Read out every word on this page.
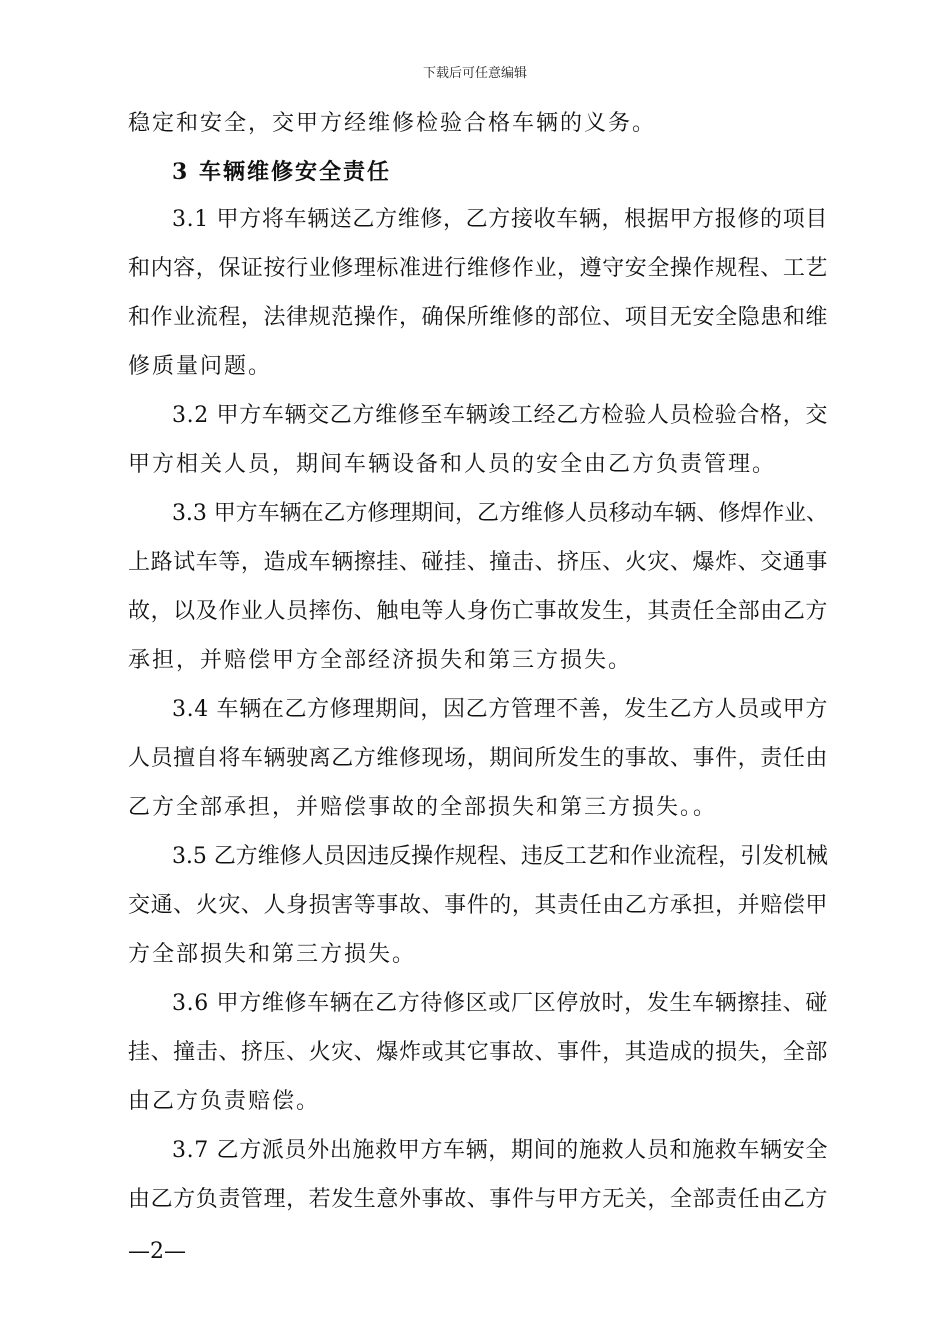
下载后可任意编辑
稳定和安全，交甲方经维修检验合格车辆的义务。
3 车辆维修安全责任
3.1 甲方将车辆送乙方维修，乙方接收车辆，根据甲方报修的项目
和内容，保证按行业修理标准进行维修作业，遵守安全操作规程、工艺
和作业流程，法律规范操作，确保所维修的部位、项目无安全隐患和维
修质量问题。
3.2 甲方车辆交乙方维修至车辆竣工经乙方检验人员检验合格，交
甲方相关人员，期间车辆设备和人员的安全由乙方负责管理。
3.3 甲方车辆在乙方修理期间，乙方维修人员移动车辆、修焊作业、
上路试车等，造成车辆擦挂、碰挂、撞击、挤压、火灾、爆炸、交通事
故，以及作业人员摔伤、触电等人身伤亡事故发生，其责任全部由乙方
承担，并赔偿甲方全部经济损失和第三方损失。
3.4 车辆在乙方修理期间，因乙方管理不善，发生乙方人员或甲方
人员擅自将车辆驶离乙方维修现场，期间所发生的事故、事件，责任由
乙方全部承担，并赔偿事故的全部损失和第三方损失。。
3.5 乙方维修人员因违反操作规程、违反工艺和作业流程，引发机械
交通、火灾、人身损害等事故、事件的，其责任由乙方承担，并赔偿甲
方全部损失和第三方损失。
3.6 甲方维修车辆在乙方待修区或厂区停放时，发生车辆擦挂、碰
挂、撞击、挤压、火灾、爆炸或其它事故、事件，其造成的损失，全部
由乙方负责赔偿。
3.7 乙方派员外出施救甲方车辆，期间的施救人员和施救车辆安全
由乙方负责管理，若发生意外事故、事件与甲方无关，全部责任由乙方
—2—
